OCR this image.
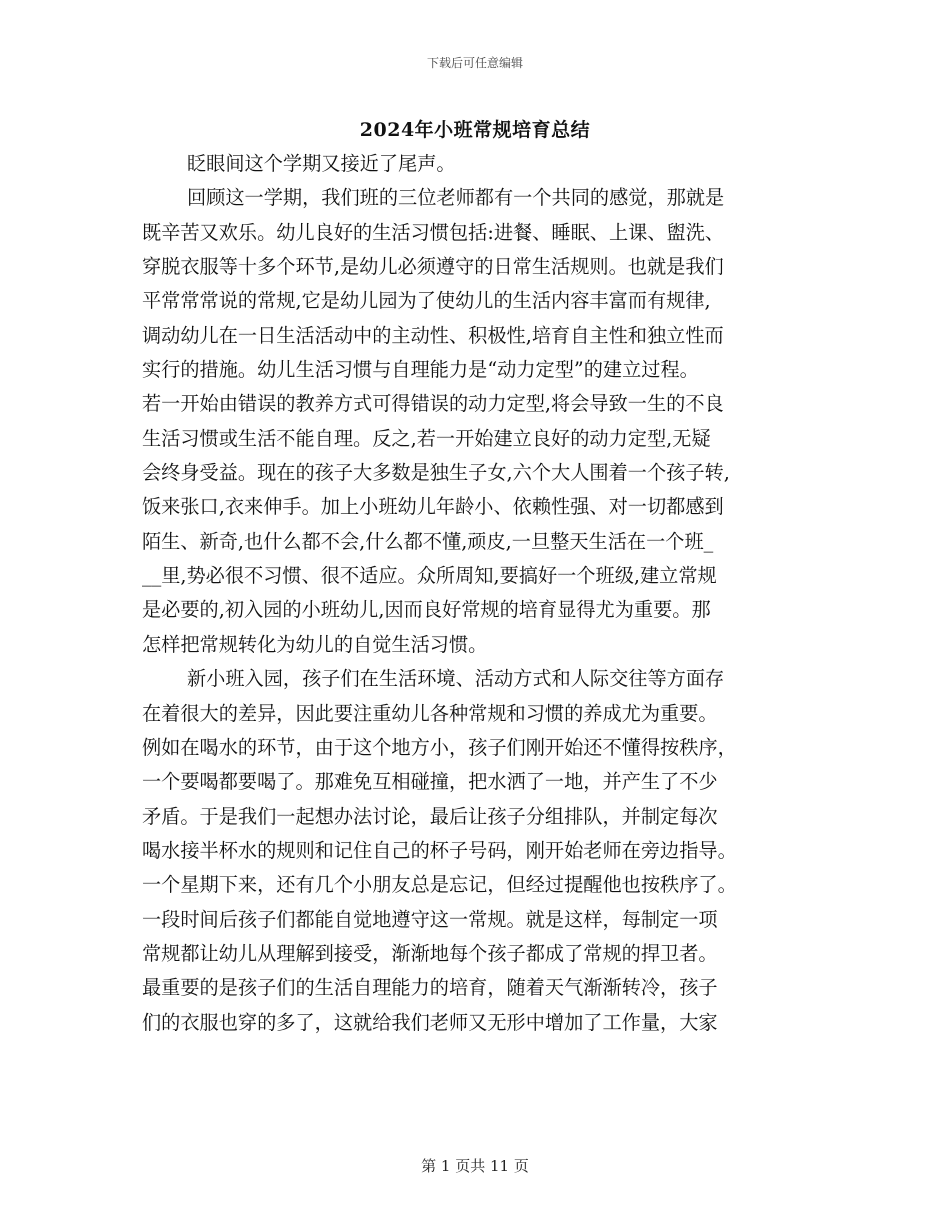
下载后可任意编辑
2024年小班常规培育总结
眨眼间这个学期又接近了尾声。
回顾这一学期，我们班的三位老师都有一个共同的感觉，那就是
既辛苦又欢乐。幼儿良好的生活习惯包括:进餐、睡眠、上课、盥洗、
穿脱衣服等十多个环节,是幼儿必须遵守的日常生活规则。也就是我们
平常常常说的常规,它是幼儿园为了使幼儿的生活内容丰富而有规律,
调动幼儿在一日生活活动中的主动性、积极性,培育自主性和独立性而
实行的措施。幼儿生活习惯与自理能力是“动力定型”的建立过程。
若一开始由错误的教养方式可得错误的动力定型,将会导致一生的不良
生活习惯或生活不能自理。反之,若一开始建立良好的动力定型,无疑
会终身受益。现在的孩子大多数是独生子女,六个大人围着一个孩子转,
饭来张口,衣来伸手。加上小班幼儿年龄小、依赖性强、对一切都感到
陌生、新奇,也什么都不会,什么都不懂,顽皮,一旦整天生活在一个班_
__里,势必很不习惯、很不适应。众所周知,要搞好一个班级,建立常规
是必要的,初入园的小班幼儿,因而良好常规的培育显得尤为重要。那
怎样把常规转化为幼儿的自觉生活习惯。
新小班入园，孩子们在生活环境、活动方式和人际交往等方面存
在着很大的差异，因此要注重幼儿各种常规和习惯的养成尤为重要。
例如在喝水的环节，由于这个地方小，孩子们刚开始还不懂得按秩序，
一个要喝都要喝了。那难免互相碰撞，把水洒了一地，并产生了不少
矛盾。于是我们一起想办法讨论，最后让孩子分组排队，并制定每次
喝水接半杯水的规则和记住自己的杯子号码，刚开始老师在旁边指导。
一个星期下来，还有几个小朋友总是忘记，但经过提醒他也按秩序了。
一段时间后孩子们都能自觉地遵守这一常规。就是这样，每制定一项
常规都让幼儿从理解到接受，渐渐地每个孩子都成了常规的捍卫者。
最重要的是孩子们的生活自理能力的培育，随着天气渐渐转冷，孩子
们的衣服也穿的多了，这就给我们老师又无形中增加了工作量，大家
第 1 页共 11 页
